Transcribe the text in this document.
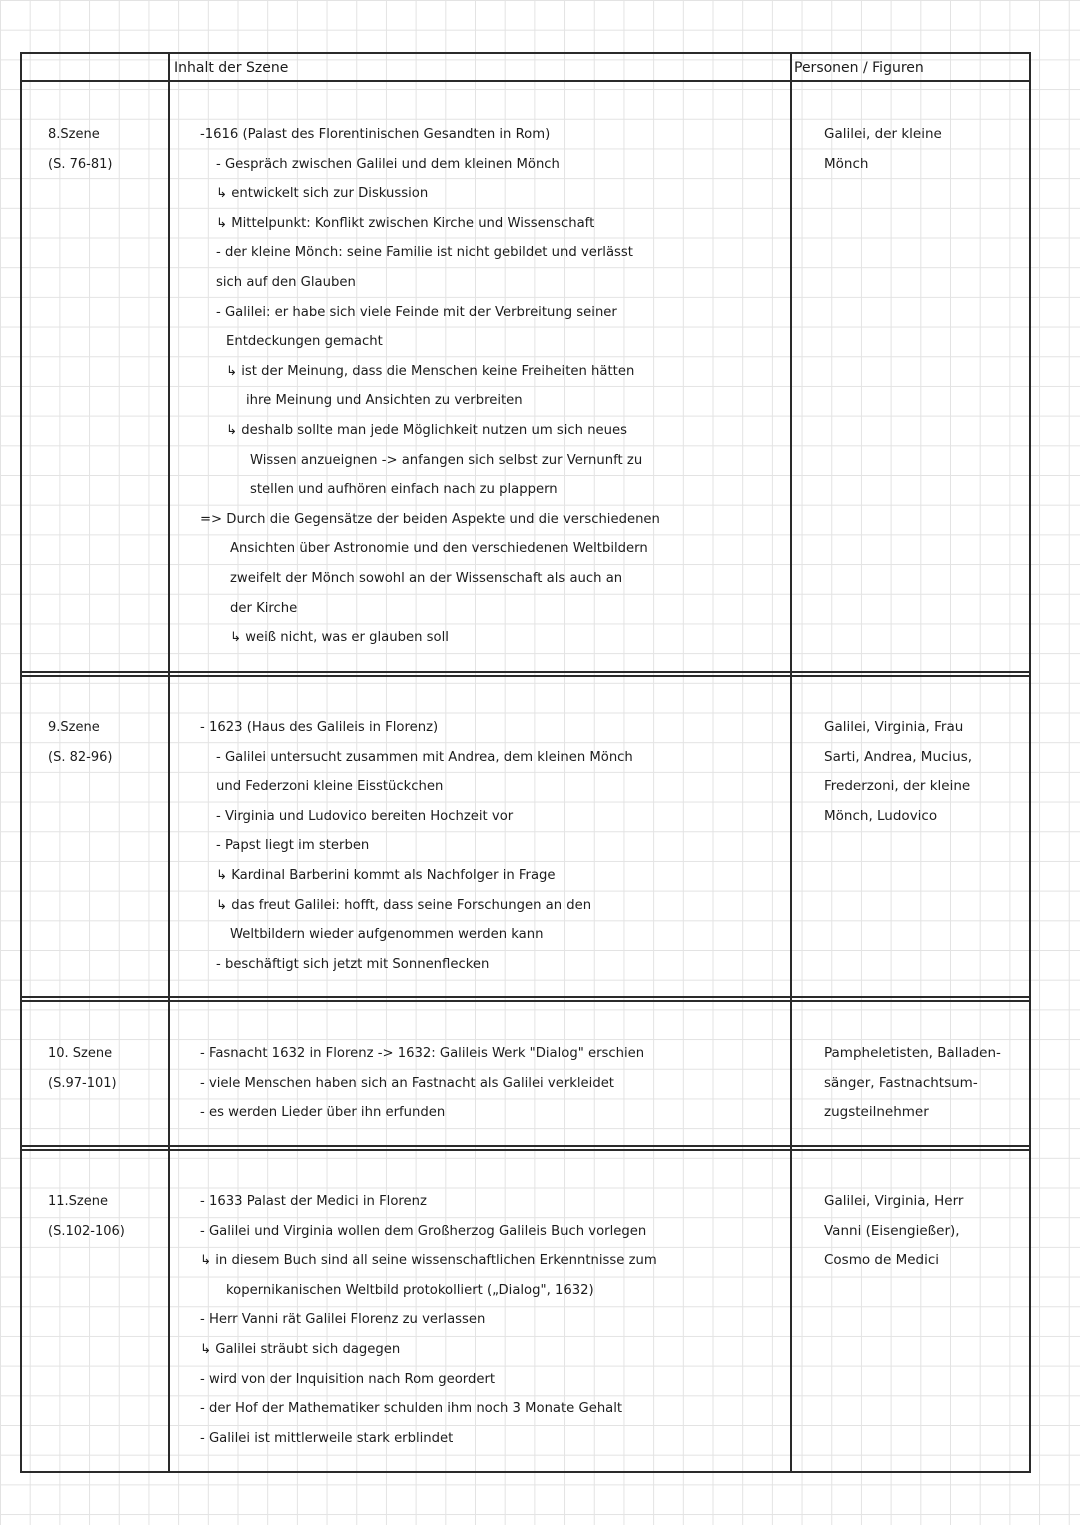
Inhalt der Szene	Personen / Figuren
8.Szene
(S. 76-81)
-1616 (Palast des Florentinischen Gesandten in Rom)
- Gespräch zwischen Galilei und dem kleinen Mönch
↳ entwickelt sich zur Diskussion
↳ Mittelpunkt: Konflikt zwischen Kirche und Wissenschaft
- der kleine Mönch: seine Familie ist nicht gebildet und verlässt
sich auf den Glauben
- Galilei: er habe sich viele Feinde mit der Verbreitung seiner
Entdeckungen gemacht
↳ ist der Meinung, dass die Menschen keine Freiheiten hätten
ihre Meinung und Ansichten zu verbreiten
↳ deshalb sollte man jede Möglichkeit nutzen um sich neues
Wissen anzueignen -> anfangen sich selbst zur Vernunft zu
stellen und aufhören einfach nach zu plappern
=> Durch die Gegensätze der beiden Aspekte und die verschiedenen
Ansichten über Astronomie und den verschiedenen Weltbildern
zweifelt der Mönch sowohl an der Wissenschaft als auch an
der Kirche
↳ weiß nicht, was er glauben soll
Galilei, der kleine
Mönch
9.Szene
(S. 82-96)
- 1623 (Haus des Galileis in Florenz)
- Galilei untersucht zusammen mit Andrea, dem kleinen Mönch
und Federzoni kleine Eisstückchen
- Virginia und Ludovico bereiten Hochzeit vor
- Papst liegt im sterben
↳ Kardinal Barberini kommt als Nachfolger in Frage
↳ das freut Galilei: hofft, dass seine Forschungen an den
Weltbildern wieder aufgenommen werden kann
- beschäftigt sich jetzt mit Sonnenflecken
Galilei, Virginia, Frau
Sarti, Andrea, Mucius,
Frederzoni, der kleine
Mönch, Ludovico
10. Szene
(S.97-101)
- Fasnacht 1632 in Florenz -> 1632: Galileis Werk "Dialog" erschien
- viele Menschen haben sich an Fastnacht als Galilei verkleidet
- es werden Lieder über ihn erfunden
Pampheletisten, Balladen-
sänger, Fastnachtsum-
zugsteilnehmer
11.Szene
(S.102-106)
- 1633 Palast der Medici in Florenz
- Galilei und Virginia wollen dem Großherzog Galileis Buch vorlegen
↳ in diesem Buch sind all seine wissenschaftlichen Erkenntnisse zum
kopernikanischen Weltbild protokolliert („Dialog", 1632)
- Herr Vanni rät Galilei Florenz zu verlassen
↳ Galilei sträubt sich dagegen
- wird von der Inquisition nach Rom geordert
- der Hof der Mathematiker schulden ihm noch 3 Monate Gehalt
- Galilei ist mittlerweile stark erblindet
Galilei, Virginia, Herr
Vanni (Eisengießer),
Cosmo de Medici
